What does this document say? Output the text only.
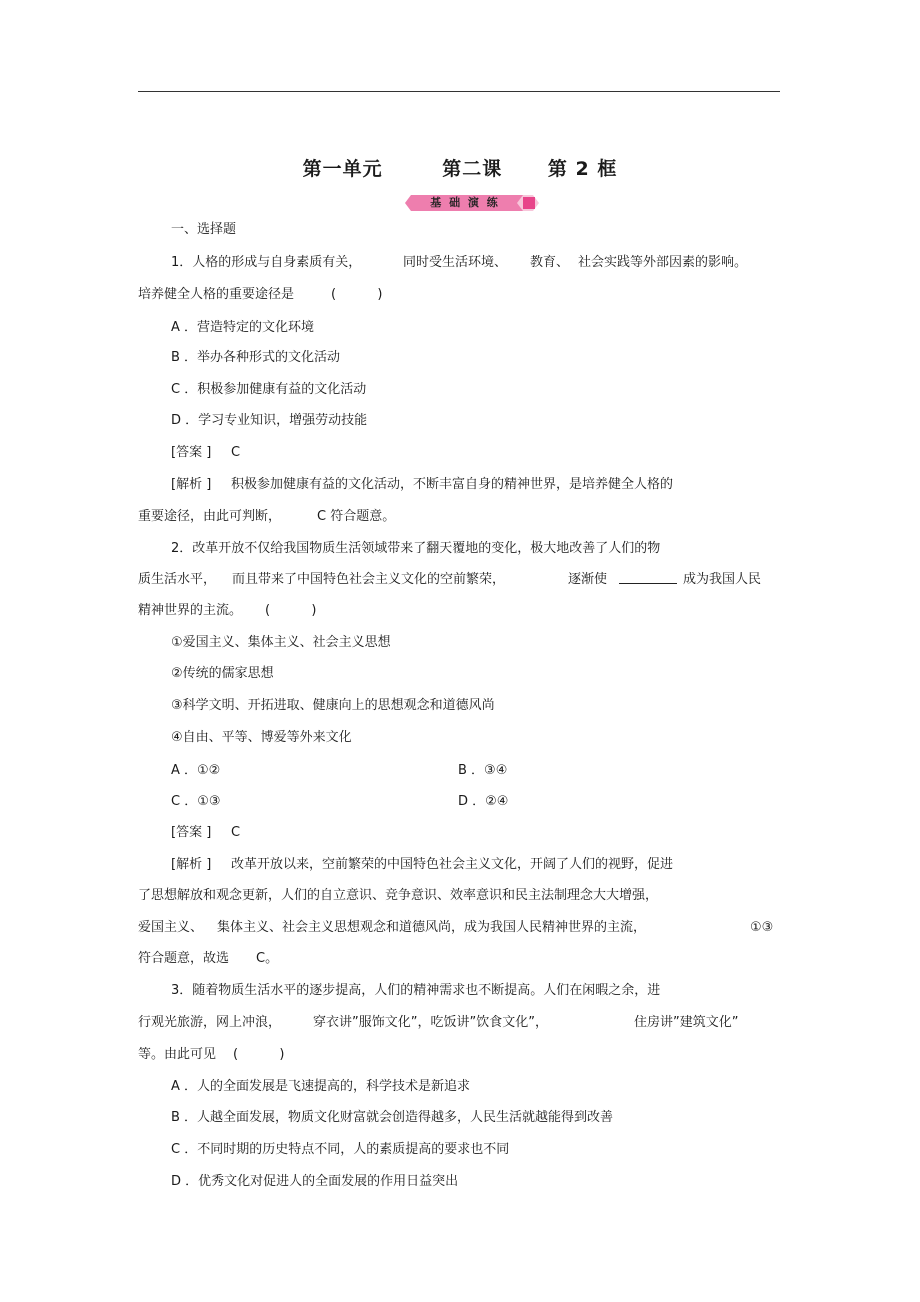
第一单元	第二课 第 2 框
基 础 演 练
一、选择题
1．人格的形成与自身素质有关，	同时受生活环境、 教育、 社会实践等外部因素的影响。
培养健全人格的重要途径是	(          )
A ．营造特定的文化环境
B ．举办各种形式的文化活动
C ．积极参加健康有益的文化活动
D ．学习专业知识，增强劳动技能
[答案 ] C
[解析 ] 积极参加健康有益的文化活动，不断丰富自身的精神世界，是培养健全人格的
重要途径，由此可判断，	C 符合题意。
2．改革开放不仅给我国物质生活领域带来了翻天覆地的变化，极大地改善了人们的物
质生活水平， 而且带来了中国特色社会主义文化的空前繁荣，	逐渐使	成为我国人民
精神世界的主流。 (          )
①爱国主义、集体主义、社会主义思想
②传统的儒家思想
③科学文明、开拓进取、健康向上的思想观念和道德风尚
④自由、平等、博爱等外来文化
A ．①②	B ．③④
C ．①③	D ．②④
[答案 ] C
[解析 ] 改革开放以来，空前繁荣的中国特色社会主义文化，开阔了人们的视野，促进
了思想解放和观念更新，人们的自立意识、竞争意识、效率意识和民主法制理念大大增强，
爱国主义、 集体主义、社会主义思想观念和道德风尚，成为我国人民精神世界的主流，	①③
符合题意，故选 C。
3．随着物质生活水平的逐步提高，人们的精神需求也不断提高。人们在闲暇之余，进
行观光旅游，网上冲浪， 穿衣讲”服饰文化”，吃饭讲”饮食文化”，	住房讲”建筑文化”
等。由此可见 (          )
A ．人的全面发展是飞速提高的，科学技术是新追求
B ．人越全面发展，物质文化财富就会创造得越多，人民生活就越能得到改善
C ．不同时期的历史特点不同，人的素质提高的要求也不同
D ．优秀文化对促进人的全面发展的作用日益突出
